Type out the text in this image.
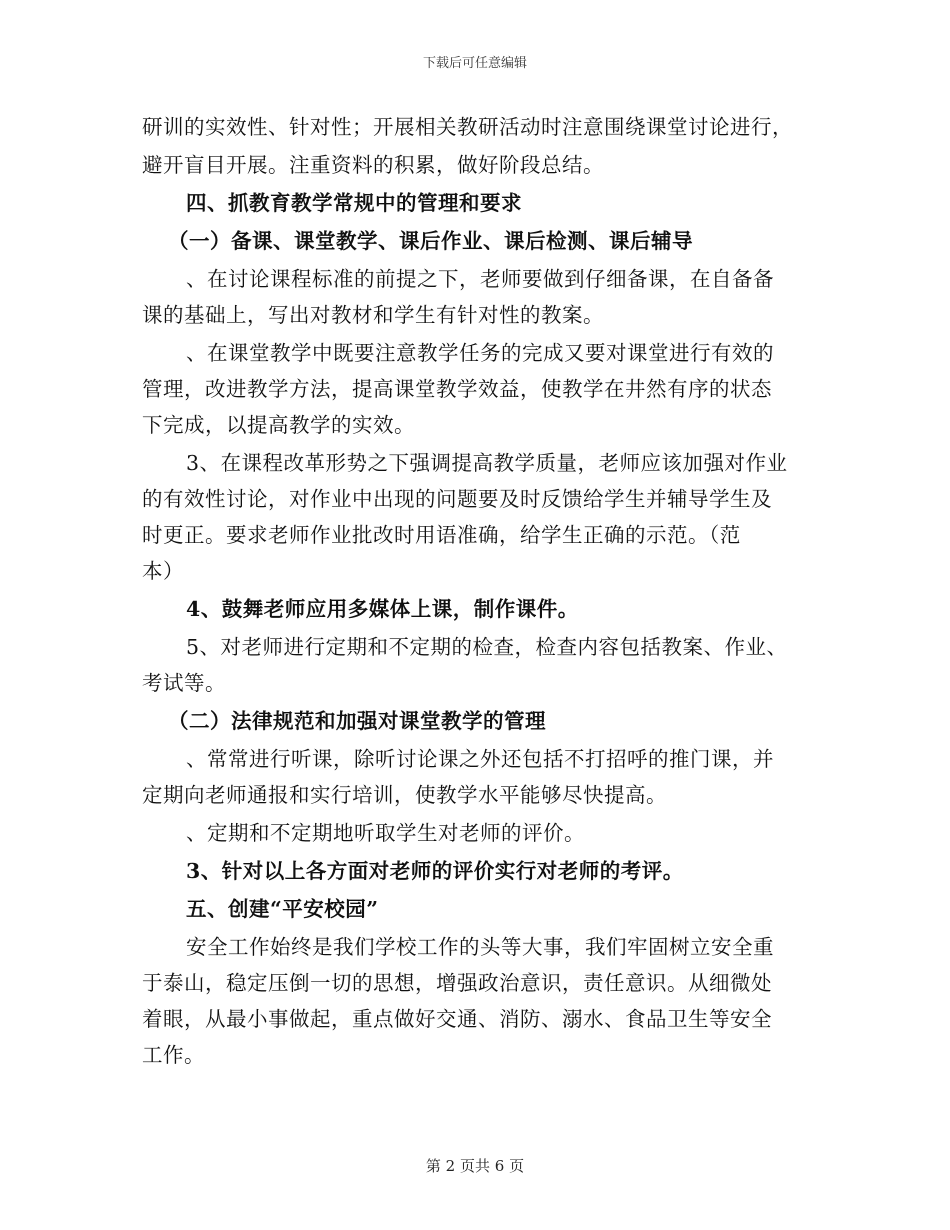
下载后可任意编辑
研训的实效性、针对性；开展相关教研活动时注意围绕课堂讨论进行，
避开盲目开展。注重资料的积累，做好阶段总结。
四、抓教育教学常规中的管理和要求
（一）备课、课堂教学、课后作业、课后检测、课后辅导
、在讨论课程标准的前提之下，老师要做到仔细备课，在自备备
课的基础上，写出对教材和学生有针对性的教案。
、在课堂教学中既要注意教学任务的完成又要对课堂进行有效的
管理，改进教学方法，提高课堂教学效益，使教学在井然有序的状态
下完成，以提高教学的实效。
3、在课程改革形势之下强调提高教学质量，老师应该加强对作业
的有效性讨论，对作业中出现的问题要及时反馈给学生并辅导学生及
时更正。要求老师作业批改时用语准确，给学生正确的示范。（范
本）
4、鼓舞老师应用多媒体上课，制作课件。
5、对老师进行定期和不定期的检查，检查内容包括教案、作业、
考试等。
（二）法律规范和加强对课堂教学的管理
、常常进行听课，除听讨论课之外还包括不打招呼的推门课，并
定期向老师通报和实行培训，使教学水平能够尽快提高。
、定期和不定期地听取学生对老师的评价。
3、针对以上各方面对老师的评价实行对老师的考评。
五、创建“平安校园”
安全工作始终是我们学校工作的头等大事，我们牢固树立安全重
于泰山，稳定压倒一切的思想，增强政治意识，责任意识。从细微处
着眼，从最小事做起，重点做好交通、消防、溺水、食品卫生等安全
工作。
第 2 页共 6 页
